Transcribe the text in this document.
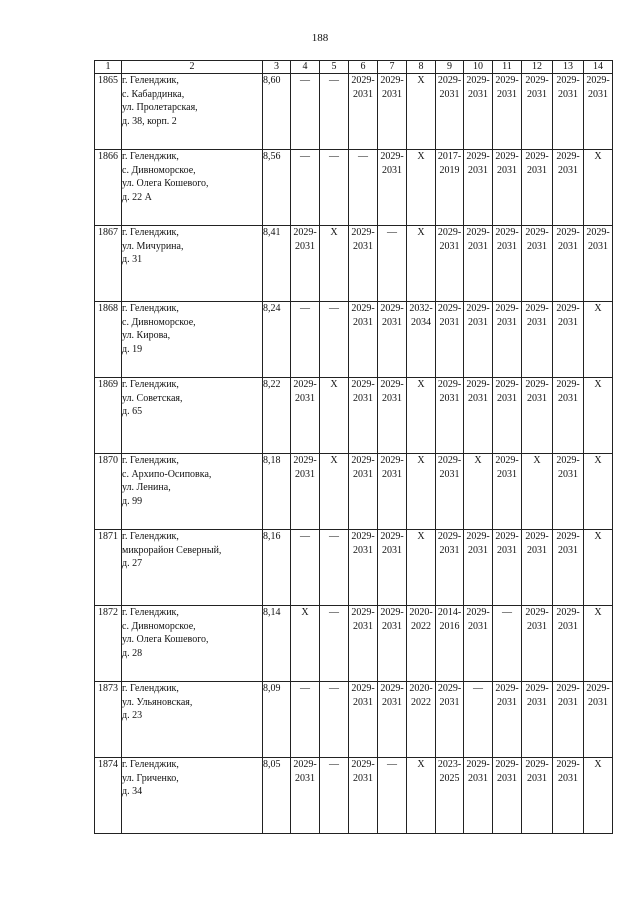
188
1	2	3	4	5	6	7	8	9	10	11	12	13	14
1865	г. Геленджик,
с. Кабардинка,
ул. Пролетарская,
д. 38, корп. 2	8,60	—	—	2029-
2031	2029-
2031	Х	2029-
2031	2029-
2031	2029-
2031	2029-
2031	2029-
2031	2029-
2031

1866	г. Геленджик,
с. Дивноморское,
ул. Олега Кошевого,
д. 22 А	8,56	—	—	—	2029-
2031	Х	2017-
2019	2029-
2031	2029-
2031	2029-
2031	2029-
2031	Х

1867	г. Геленджик,
ул. Мичурина,
д. 31	8,41	2029-
2031	Х	2029-
2031	—	Х	2029-
2031	2029-
2031	2029-
2031	2029-
2031	2029-
2031	2029-
2031

1868	г. Геленджик,
с. Дивноморское,
ул. Кирова,
д. 19	8,24	—	—	2029-
2031	2029-
2031	2032-
2034	2029-
2031	2029-
2031	2029-
2031	2029-
2031	2029-
2031	Х

1869	г. Геленджик,
ул. Советская,
д. 65	8,22	2029-
2031	Х	2029-
2031	2029-
2031	Х	2029-
2031	2029-
2031	2029-
2031	2029-
2031	2029-
2031	Х

1870	г. Геленджик,
с. Архипо-Осиповка,
ул. Ленина,
д. 99	8,18	2029-
2031	Х	2029-
2031	2029-
2031	Х	2029-
2031	Х	2029-
2031	Х	2029-
2031	Х

1871	г. Геленджик,
микрорайон Северный,
д. 27	8,16	—	—	2029-
2031	2029-
2031	Х	2029-
2031	2029-
2031	2029-
2031	2029-
2031	2029-
2031	Х

1872	г. Геленджик,
с. Дивноморское,
ул. Олега Кошевого,
д. 28	8,14	Х	—	2029-
2031	2029-
2031	2020-
2022	2014-
2016	2029-
2031	—	2029-
2031	2029-
2031	Х

1873	г. Геленджик,
ул. Ульяновская,
д. 23	8,09	—	—	2029-
2031	2029-
2031	2020-
2022	2029-
2031	—	2029-
2031	2029-
2031	2029-
2031	2029-
2031

1874	г. Геленджик,
ул. Гриченко,
д. 34	8,05	2029-
2031	—	2029-
2031	—	Х	2023-
2025	2029-
2031	2029-
2031	2029-
2031	2029-
2031	Х
